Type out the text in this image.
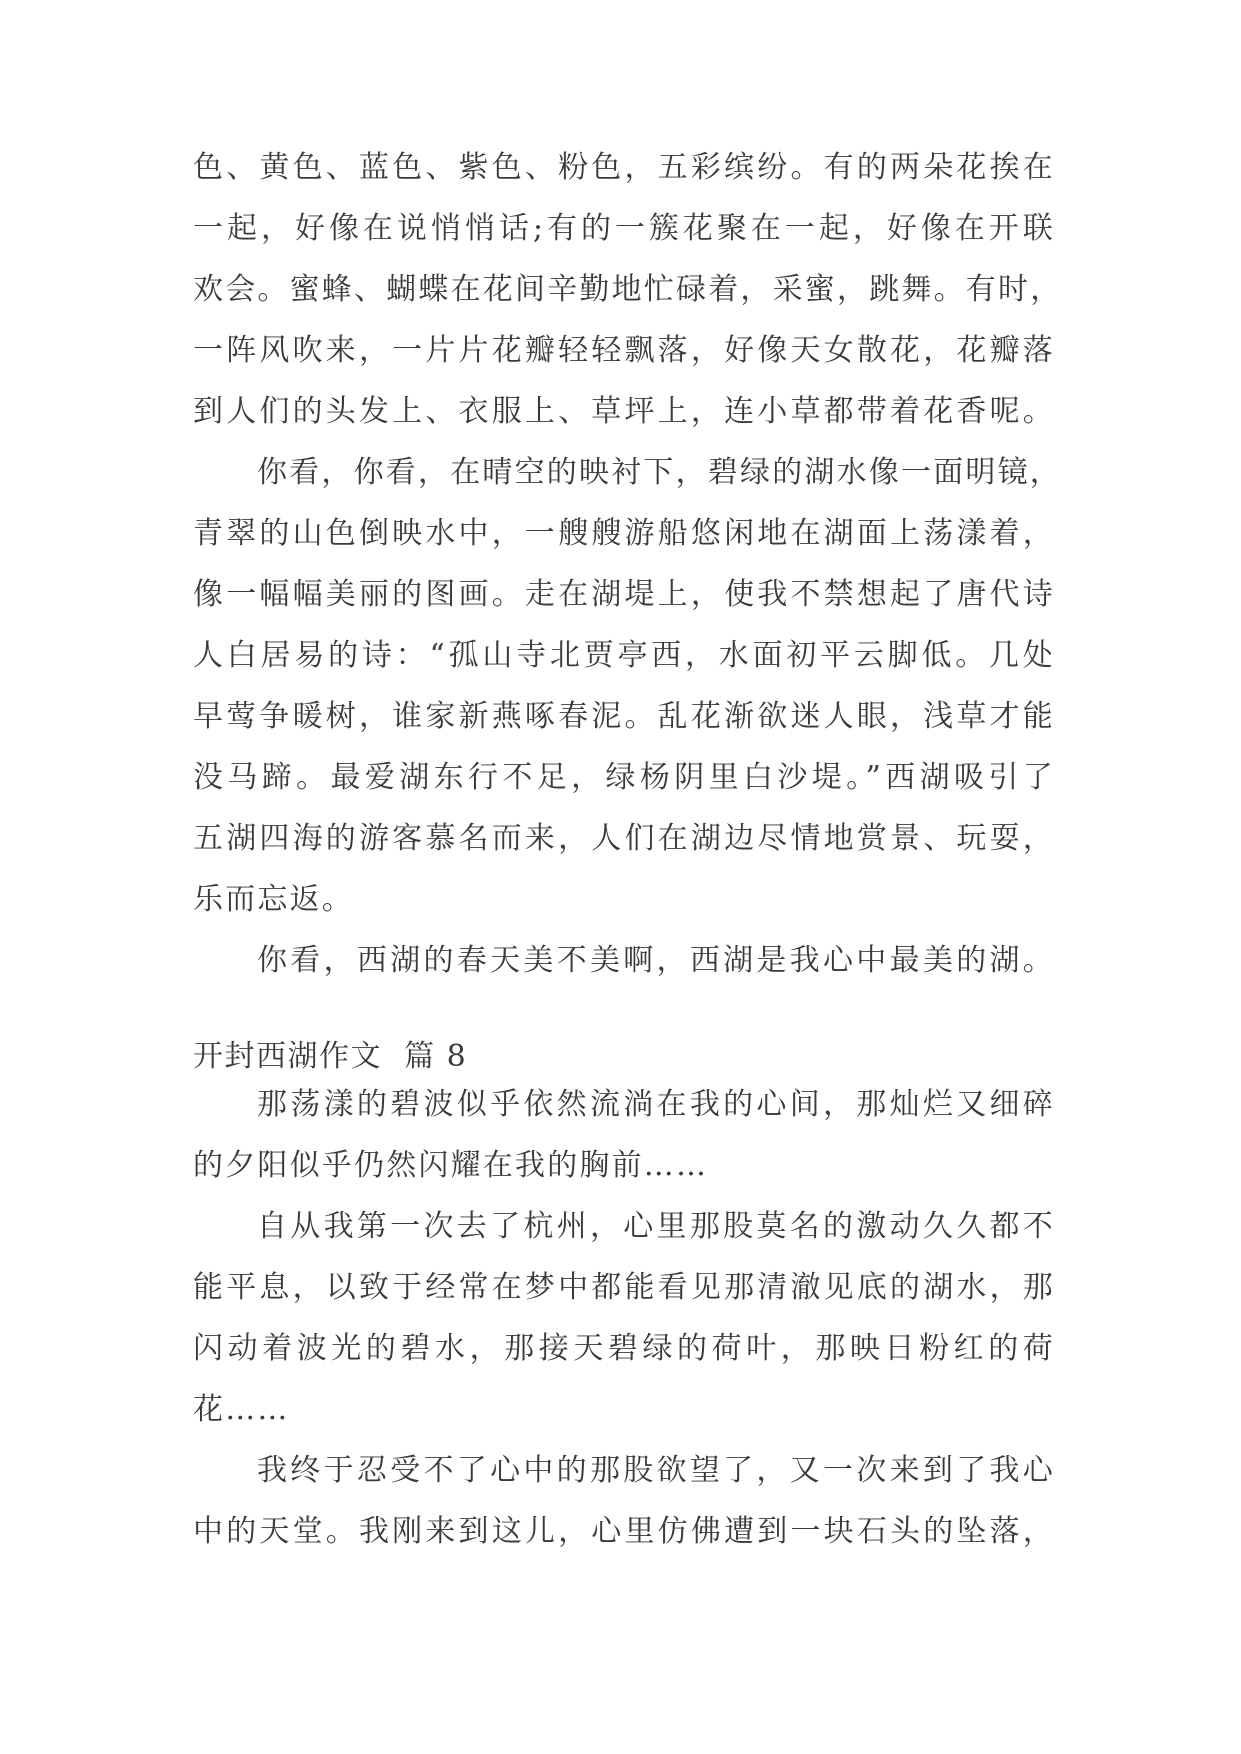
色、黄色、蓝色、紫色、粉色，五彩缤纷。有的两朵花挨在
一起，好像在说悄悄话;有的一簇花聚在一起，好像在开联
欢会。蜜蜂、蝴蝶在花间辛勤地忙碌着，采蜜，跳舞。有时，
一阵风吹来，一片片花瓣轻轻飘落，好像天女散花，花瓣落
到人们的头发上、衣服上、草坪上，连小草都带着花香呢。
你看，你看，在晴空的映衬下，碧绿的湖水像一面明镜，
青翠的山色倒映水中，一艘艘游船悠闲地在湖面上荡漾着，
像一幅幅美丽的图画。走在湖堤上，使我不禁想起了唐代诗
人白居易的诗：“孤山寺北贾亭西，水面初平云脚低。几处
早莺争暖树，谁家新燕啄春泥。乱花渐欲迷人眼，浅草才能
没马蹄。最爱湖东行不足，绿杨阴里白沙堤。”西湖吸引了
五湖四海的游客慕名而来，人们在湖边尽情地赏景、玩耍，
乐而忘返。
你看，西湖的春天美不美啊，西湖是我心中最美的湖。
开封西湖作文 篇 8
那荡漾的碧波似乎依然流淌在我的心间，那灿烂又细碎
的夕阳似乎仍然闪耀在我的胸前……
自从我第一次去了杭州，心里那股莫名的激动久久都不
能平息，以致于经常在梦中都能看见那清澈见底的湖水，那
闪动着波光的碧水，那接天碧绿的荷叶，那映日粉红的荷
花……
我终于忍受不了心中的那股欲望了，又一次来到了我心
中的天堂。我刚来到这儿，心里仿佛遭到一块石头的坠落，
